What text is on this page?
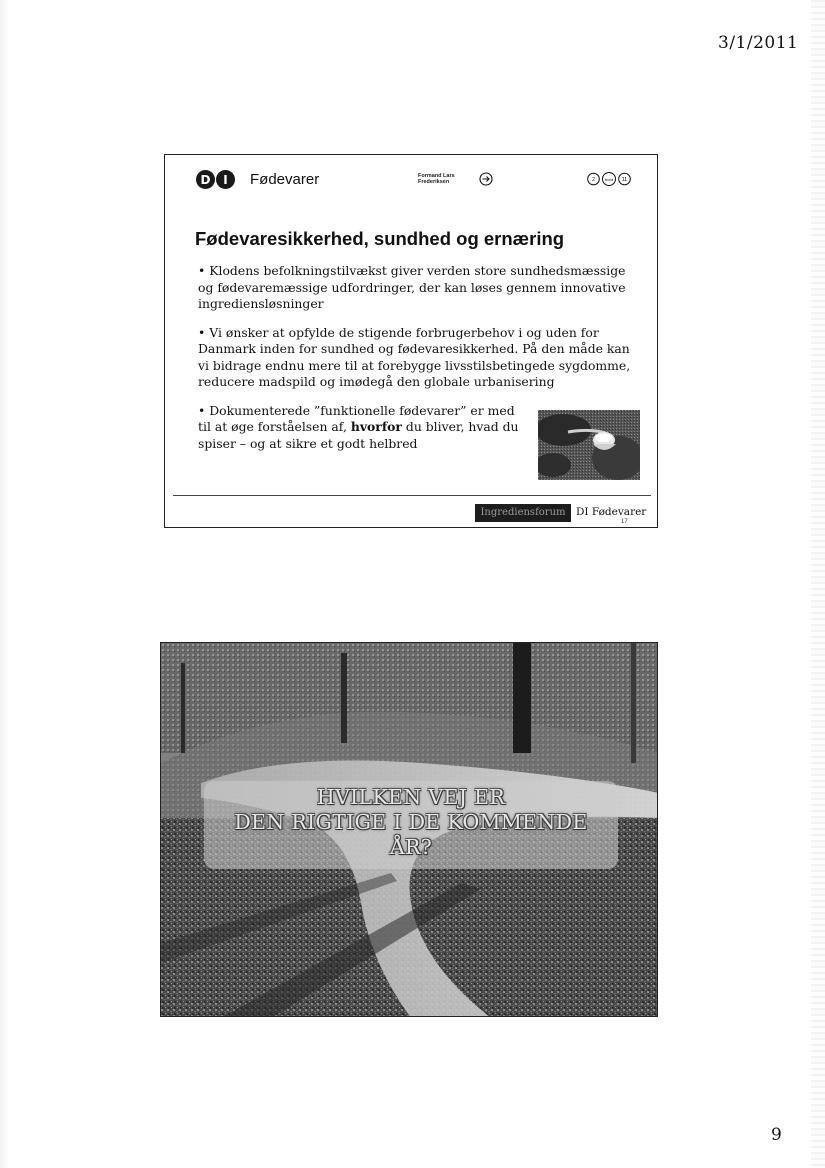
3/1/2011
D	I	Fødevarer	Formand Lars
Frederiksen	2	front 11
Fødevaresikkerhed, sundhed og ernæring

• Klodens befolkningstilvækst giver verden store sundhedsmæssige og fødevaremæssige udfordringer, der kan løses gennem innovative ingrediensløsninger

• Vi ønsker at opfylde de stigende forbrugerbehov i og uden for Danmark inden for sundhed og fødevaresikkerhed. På den måde kan vi bidrage endnu mere til at forebygge livsstilsbetingede sygdomme, reducere madspild og imødegå den globale urbanisering

• Dokumenterede ”funktionelle fødevarer” er med til at øge forståelsen af, hvorfor du bliver, hvad du spiser – og at sikre et godt helbred

Ingrediensforum	DI Fødevarer
17
HVILKEN VEJ ER
DEN RIGTIGE I DE KOMMENDE
ÅR?
9
